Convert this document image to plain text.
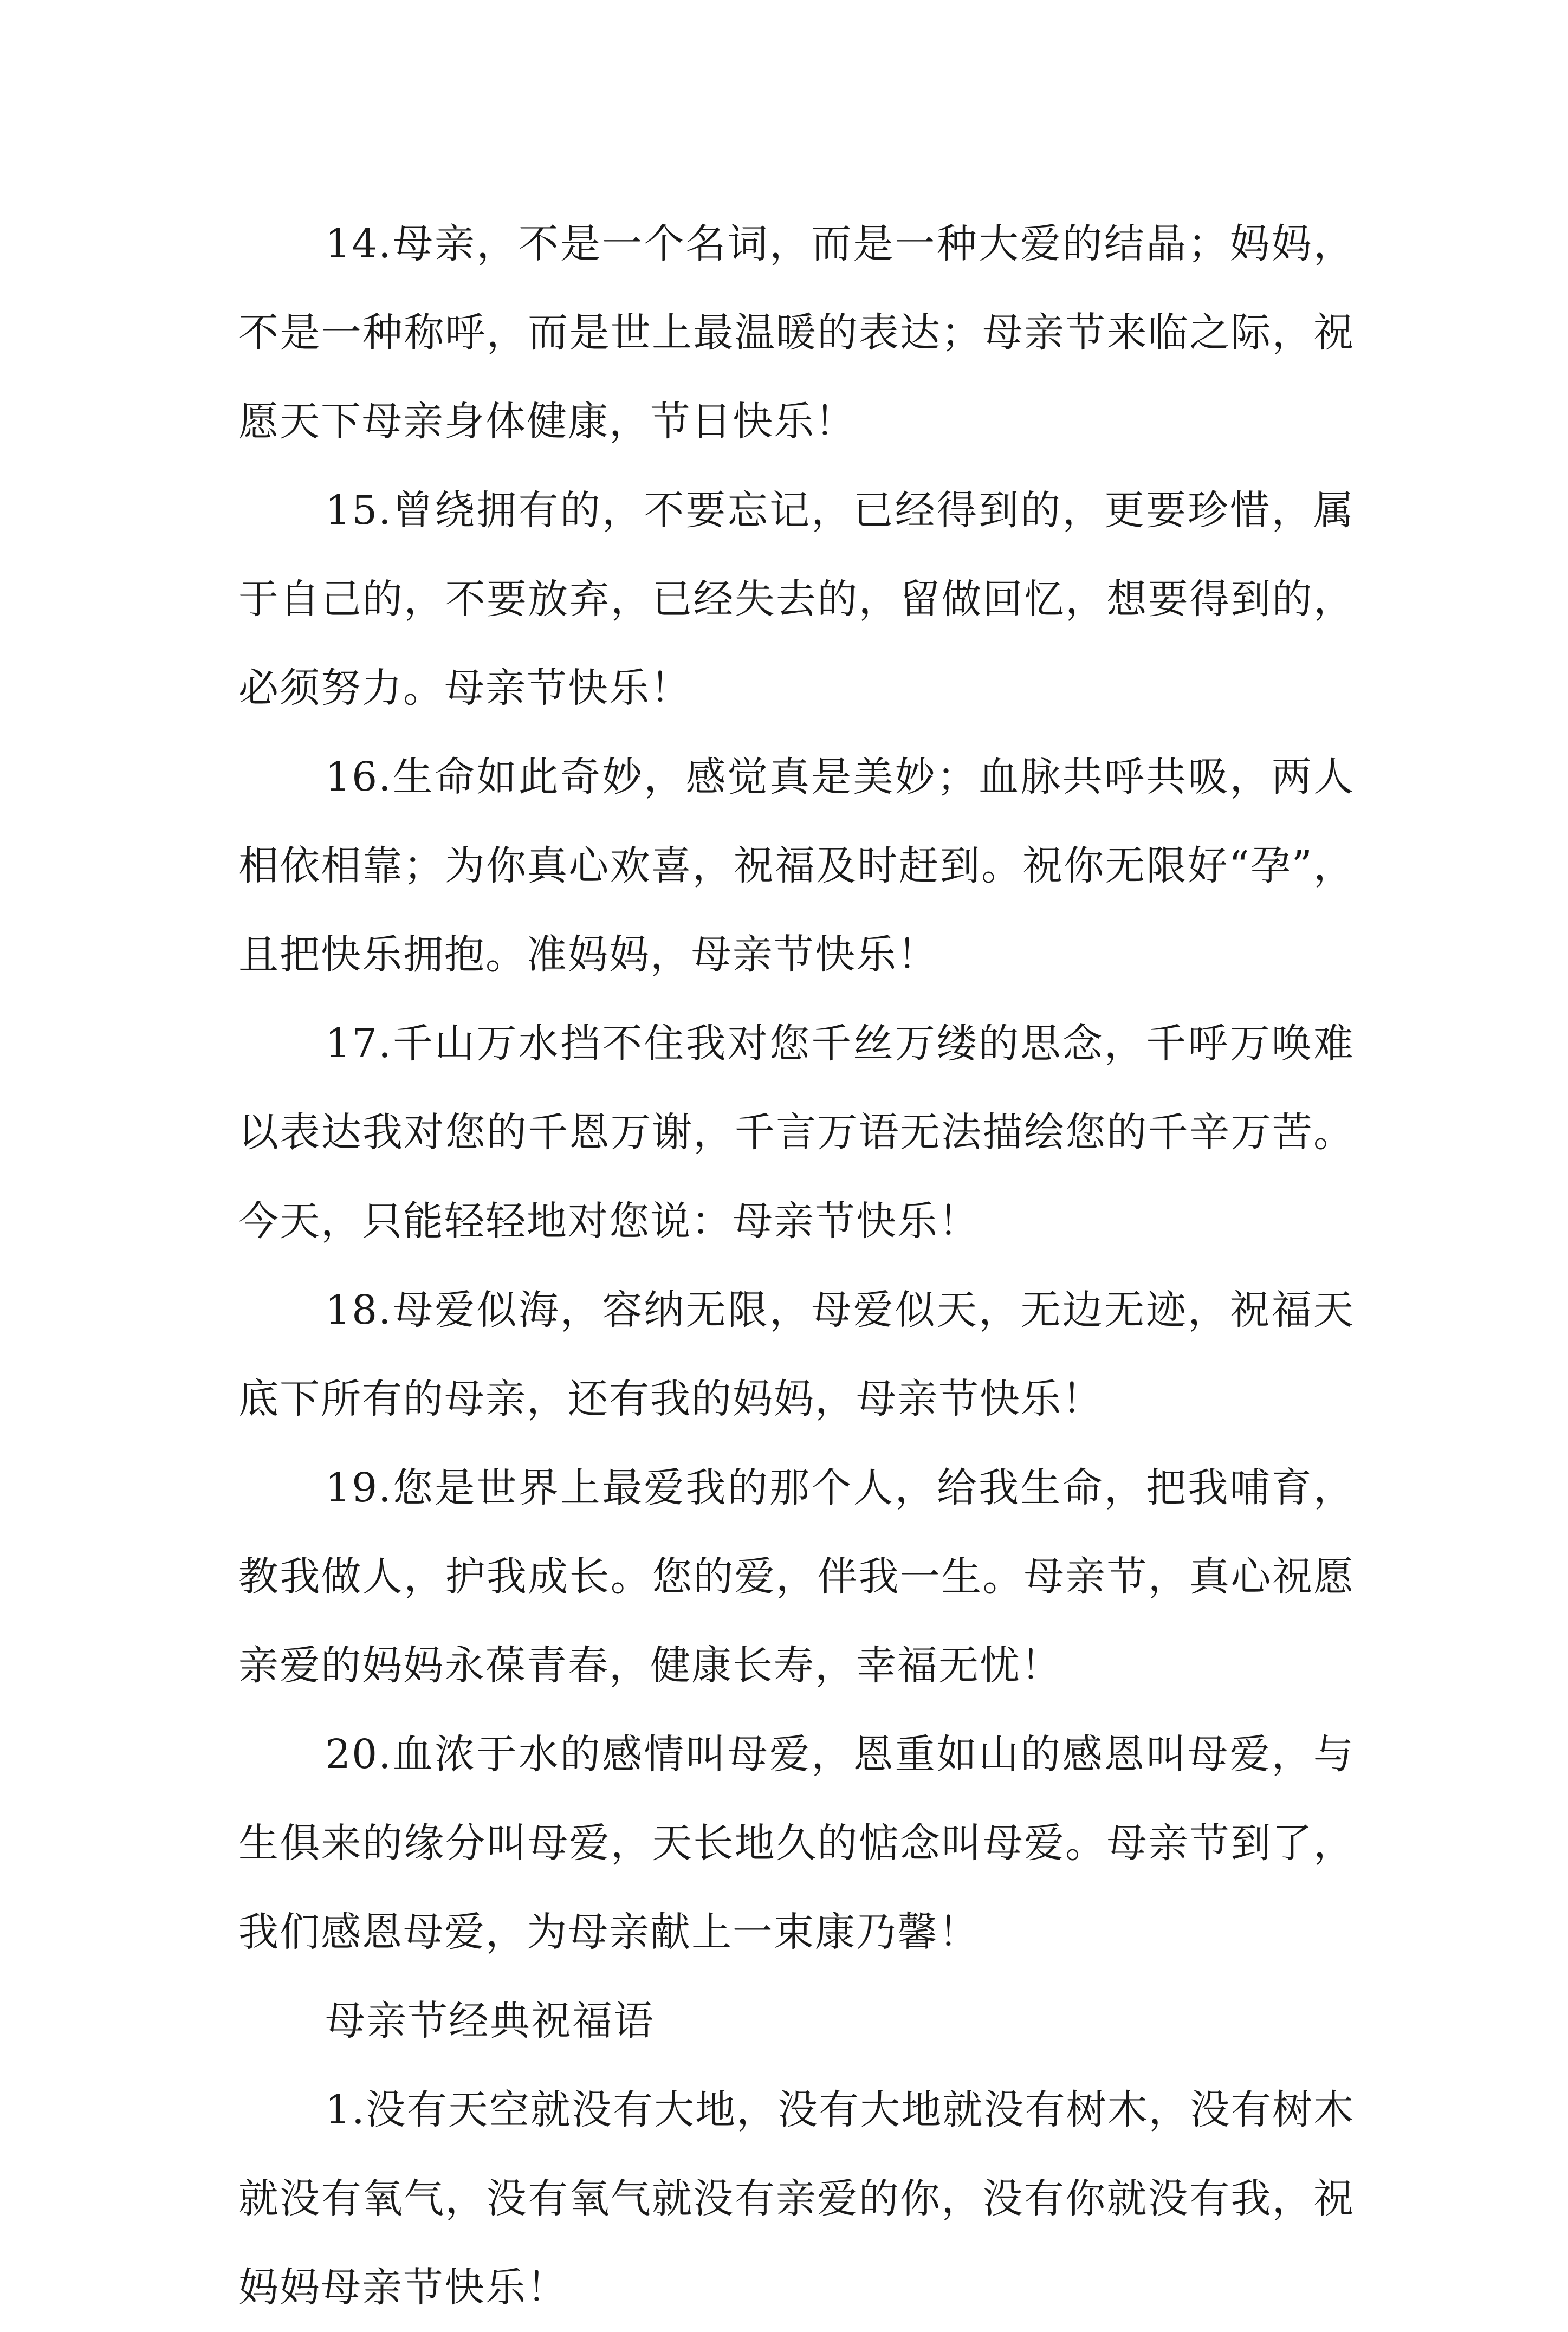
14.母亲，不是一个名词，而是一种大爱的结晶；妈妈，不是一种称呼，而是世上最温暖的表达；母亲节来临之际，祝愿天下母亲身体健康，节日快乐！

15.曾绕拥有的，不要忘记，已经得到的，更要珍惜，属于自己的，不要放弃，已经失去的，留做回忆，想要得到的，必须努力。母亲节快乐！

16.生命如此奇妙，感觉真是美妙；血脉共呼共吸，两人相依相靠；为你真心欢喜，祝福及时赶到。祝你无限好“孕”，且把快乐拥抱。准妈妈，母亲节快乐！

17.千山万水挡不住我对您千丝万缕的思念，千呼万唤难以表达我对您的千恩万谢，千言万语无法描绘您的千辛万苦。今天，只能轻轻地对您说：母亲节快乐！

18.母爱似海，容纳无限，母爱似天，无边无迹，祝福天底下所有的母亲，还有我的妈妈，母亲节快乐！

19.您是世界上最爱我的那个人，给我生命，把我哺育，教我做人，护我成长。您的爱，伴我一生。母亲节，真心祝愿亲爱的妈妈永葆青春，健康长寿，幸福无忧！

20.血浓于水的感情叫母爱，恩重如山的感恩叫母爱，与生俱来的缘分叫母爱，天长地久的惦念叫母爱。母亲节到了，我们感恩母爱，为母亲献上一束康乃馨！

母亲节经典祝福语

1.没有天空就没有大地，没有大地就没有树木，没有树木就没有氧气，没有氧气就没有亲爱的你，没有你就没有我，祝妈妈母亲节快乐！
